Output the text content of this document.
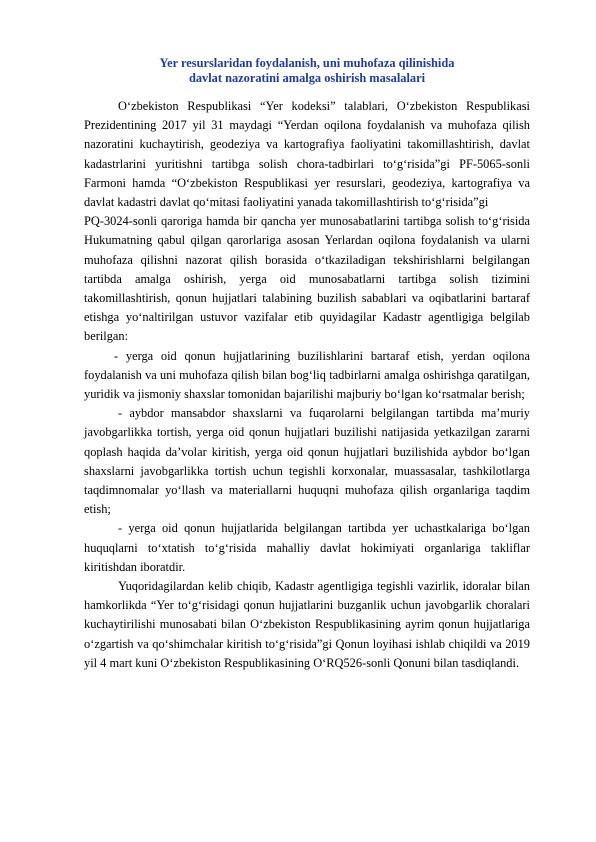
Yer resurslaridan foydalanish, uni muhofaza qilinishida
davlat nazoratini amalga oshirish masalalari

O‘zbekiston Respublikasi “Yer kodeksi” talablari, O‘zbekiston Respublikasi Prezidentining 2017 yil 31 maydagi “Yerdan oqilona foydalanish va muhofaza qilish nazoratini kuchaytirish, geodeziya va kartografiya faoliyatini takomillashtirish, davlat kadastrlarini yuritishni tartibga solish chora-tadbirlari to‘g‘risida”gi PF-5065-sonli Farmoni hamda “O‘zbekiston Respublikasi yer resurslari, geodeziya, kartografiya va davlat kadastri davlat qo‘mitasi faoliyatini yanada takomillashtirish to‘g‘risida”gi
PQ-3024-sonli qaroriga hamda bir qancha yer munosabatlarini tartibga solish to‘g‘risida Hukumatning qabul qilgan qarorlariga asosan Yerlardan oqilona foydalanish va ularni muhofaza qilishni nazorat qilish borasida o‘tkaziladigan tekshirishlarni belgilangan tartibda amalga oshirish, yerga oid munosabatlarni tartibga solish tizimini takomillashtirish, qonun hujjatlari talabining buzilish sabablari va oqibatlarini bartaraf etishga yo‘naltirilgan ustuvor vazifalar etib quyidagilar Kadastr agentligiga belgilab berilgan:

- yerga oid qonun hujjatlarining buzilishlarini bartaraf etish, yerdan oqilona foydalanish va uni muhofaza qilish bilan bog‘liq tadbirlarni amalga oshirishga qaratilgan, yuridik va jismoniy shaxslar tomonidan bajarilishi majburiy bo‘lgan ko‘rsatmalar berish;

- aybdor mansabdor shaxslarni va fuqarolarni belgilangan tartibda ma’muriy javobgarlikka tortish, yerga oid qonun hujjatlari buzilishi natijasida yetkazilgan zararni qoplash haqida da’volar kiritish, yerga oid qonun hujjatlari buzilishida aybdor bo‘lgan shaxslarni javobgarlikka tortish uchun tegishli korxonalar, muassasalar, tashkilotlarga taqdimnomalar yo‘llash va materiallarni huquqni muhofaza qilish organlariga taqdim etish;

- yerga oid qonun hujjatlarida belgilangan tartibda yer uchastkalariga bo‘lgan huquqlarni to‘xtatish to‘g‘risida mahalliy davlat hokimiyati organlariga takliflar kiritishdan iboratdir.

Yuqoridagilardan kelib chiqib, Kadastr agentligiga tegishli vazirlik, idoralar bilan hamkorlikda “Yer to‘g‘risidagi qonun hujjatlarini buzganlik uchun javobgarlik choralari kuchaytirilishi munosabati bilan O‘zbekiston Respublikasining ayrim qonun hujjatlariga o‘zgartish va qo‘shimchalar kiritish to‘g‘risida”gi Qonun loyihasi ishlab chiqildi va 2019 yil 4 mart kuni O‘zbekiston Respublikasining O‘RQ526-sonli Qonuni bilan tasdiqlandi.
